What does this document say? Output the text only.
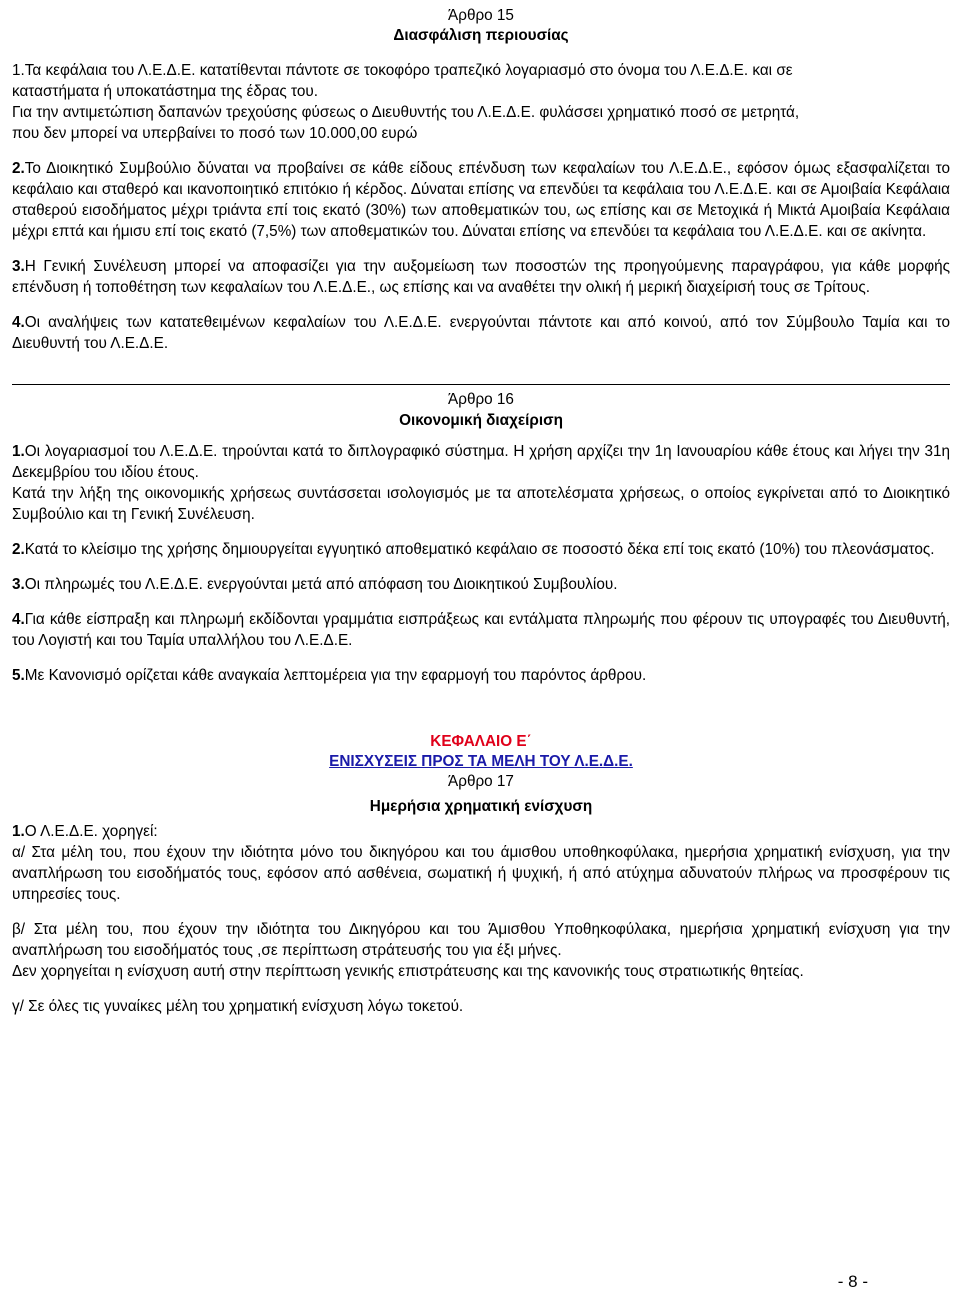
Άρθρο 15
Διασφάλιση περιουσίας
1.Τα κεφάλαια του Λ.Ε.Δ.Ε. κατατίθενται πάντοτε σε τοκοφόρο τραπεζικό λογαριασμό στο όνομα του Λ.Ε.Δ.Ε. και σε
καταστήματα ή υποκατάστημα της έδρας του.
Για την αντιμετώπιση δαπανών τρεχούσης φύσεως ο Διευθυντής του Λ.Ε.Δ.Ε. φυλάσσει χρηματικό ποσό σε μετρητά,
που δεν μπορεί να υπερβαίνει το ποσό των 10.000,00 ευρώ

2.Το Διοικητικό Συμβούλιο δύναται να προβαίνει σε κάθε είδους επένδυση των κεφαλαίων του Λ.Ε.Δ.Ε., εφόσον όμως εξασφαλίζεται το κεφάλαιο και σταθερό και ικανοποιητικό επιτόκιο ή κέρδος. Δύναται επίσης να επενδύει τα κεφάλαια του Λ.Ε.Δ.Ε. και σε Αμοιβαία Κεφάλαια σταθερού εισοδήματος μέχρι τριάντα επί τοις εκατό (30%) των αποθεματικών του, ως επίσης και σε Μετοχικά ή Μικτά Αμοιβαία Κεφάλαια μέχρι επτά και ήμισυ επί τοις εκατό (7,5%) των αποθεματικών του. Δύναται επίσης να επενδύει τα κεφάλαια του Λ.Ε.Δ.Ε. και σε ακίνητα.

3.Η Γενική Συνέλευση μπορεί να αποφασίζει για την αυξομείωση των ποσοστών της προηγούμενης παραγράφου, για κάθε μορφής επένδυση ή τοποθέτηση των κεφαλαίων του Λ.Ε.Δ.Ε., ως επίσης και να αναθέτει την ολική ή μερική διαχείρισή τους σε Τρίτους.

4.Οι αναλήψεις των κατατεθειμένων κεφαλαίων του Λ.Ε.Δ.Ε. ενεργούνται πάντοτε και από κοινού, από τον Σύμβουλο Ταμία και το Διευθυντή του Λ.Ε.Δ.Ε.

Άρθρο 16
Οικονομική διαχείριση

1.Οι λογαριασμοί του Λ.Ε.Δ.Ε. τηρούνται κατά το διπλογραφικό σύστημα. Η χρήση αρχίζει την 1η Ιανουαρίου κάθε έτους και λήγει την 31η Δεκεμβρίου του ιδίου έτους.

Κατά την λήξη της οικονομικής χρήσεως συντάσσεται ισολογισμός με τα αποτελέσματα χρήσεως, ο οποίος εγκρίνεται από το Διοικητικό Συμβούλιο και τη Γενική Συνέλευση.

2.Κατά το κλείσιμο της χρήσης δημιουργείται εγγυητικό αποθεματικό κεφάλαιο σε ποσοστό δέκα επί τοις εκατό (10%) του πλεονάσματος.

3.Οι πληρωμές του Λ.Ε.Δ.Ε. ενεργούνται μετά από απόφαση του Διοικητικού Συμβουλίου.

4.Για κάθε είσπραξη και πληρωμή εκδίδονται γραμμάτια εισπράξεως και εντάλματα πληρωμής που φέρουν τις υπογραφές του Διευθυντή, του Λογιστή και του Ταμία υπαλλήλου του Λ.Ε.Δ.Ε.

5.Με Κανονισμό ορίζεται κάθε αναγκαία λεπτομέρεια για την εφαρμογή του παρόντος άρθρου.

ΚΕΦΑΛΑΙΟ Ε΄
ΕΝΙΣΧΥΣΕΙΣ ΠΡΟΣ ΤΑ ΜΕΛΗ ΤΟΥ Λ.Ε.Δ.Ε.
Άρθρο 17
Ημερήσια χρηματική ενίσχυση

1.Ο Λ.Ε.Δ.Ε. χορηγεί:

α/ Στα μέλη του, που έχουν την ιδιότητα μόνο του δικηγόρου και του άμισθου υποθηκοφύλακα, ημερήσια χρηματική ενίσχυση, για την αναπλήρωση του εισοδήματός τους, εφόσον από ασθένεια, σωματική ή ψυχική, ή από ατύχημα αδυνατούν πλήρως να προσφέρουν τις υπηρεσίες τους.

β/ Στα μέλη του, που έχουν την ιδιότητα του Δικηγόρου και του Άμισθου Υποθηκοφύλακα, ημερήσια χρηματική ενίσχυση για την αναπλήρωση του εισοδήματός τους ,σε περίπτωση στράτευσής του για έξι μήνες.

Δεν χορηγείται η ενίσχυση αυτή στην περίπτωση γενικής επιστράτευσης και της κανονικής τους στρατιωτικής θητείας.

γ/ Σε όλες τις γυναίκες μέλη του χρηματική ενίσχυση λόγω τοκετού.

- 8 -
